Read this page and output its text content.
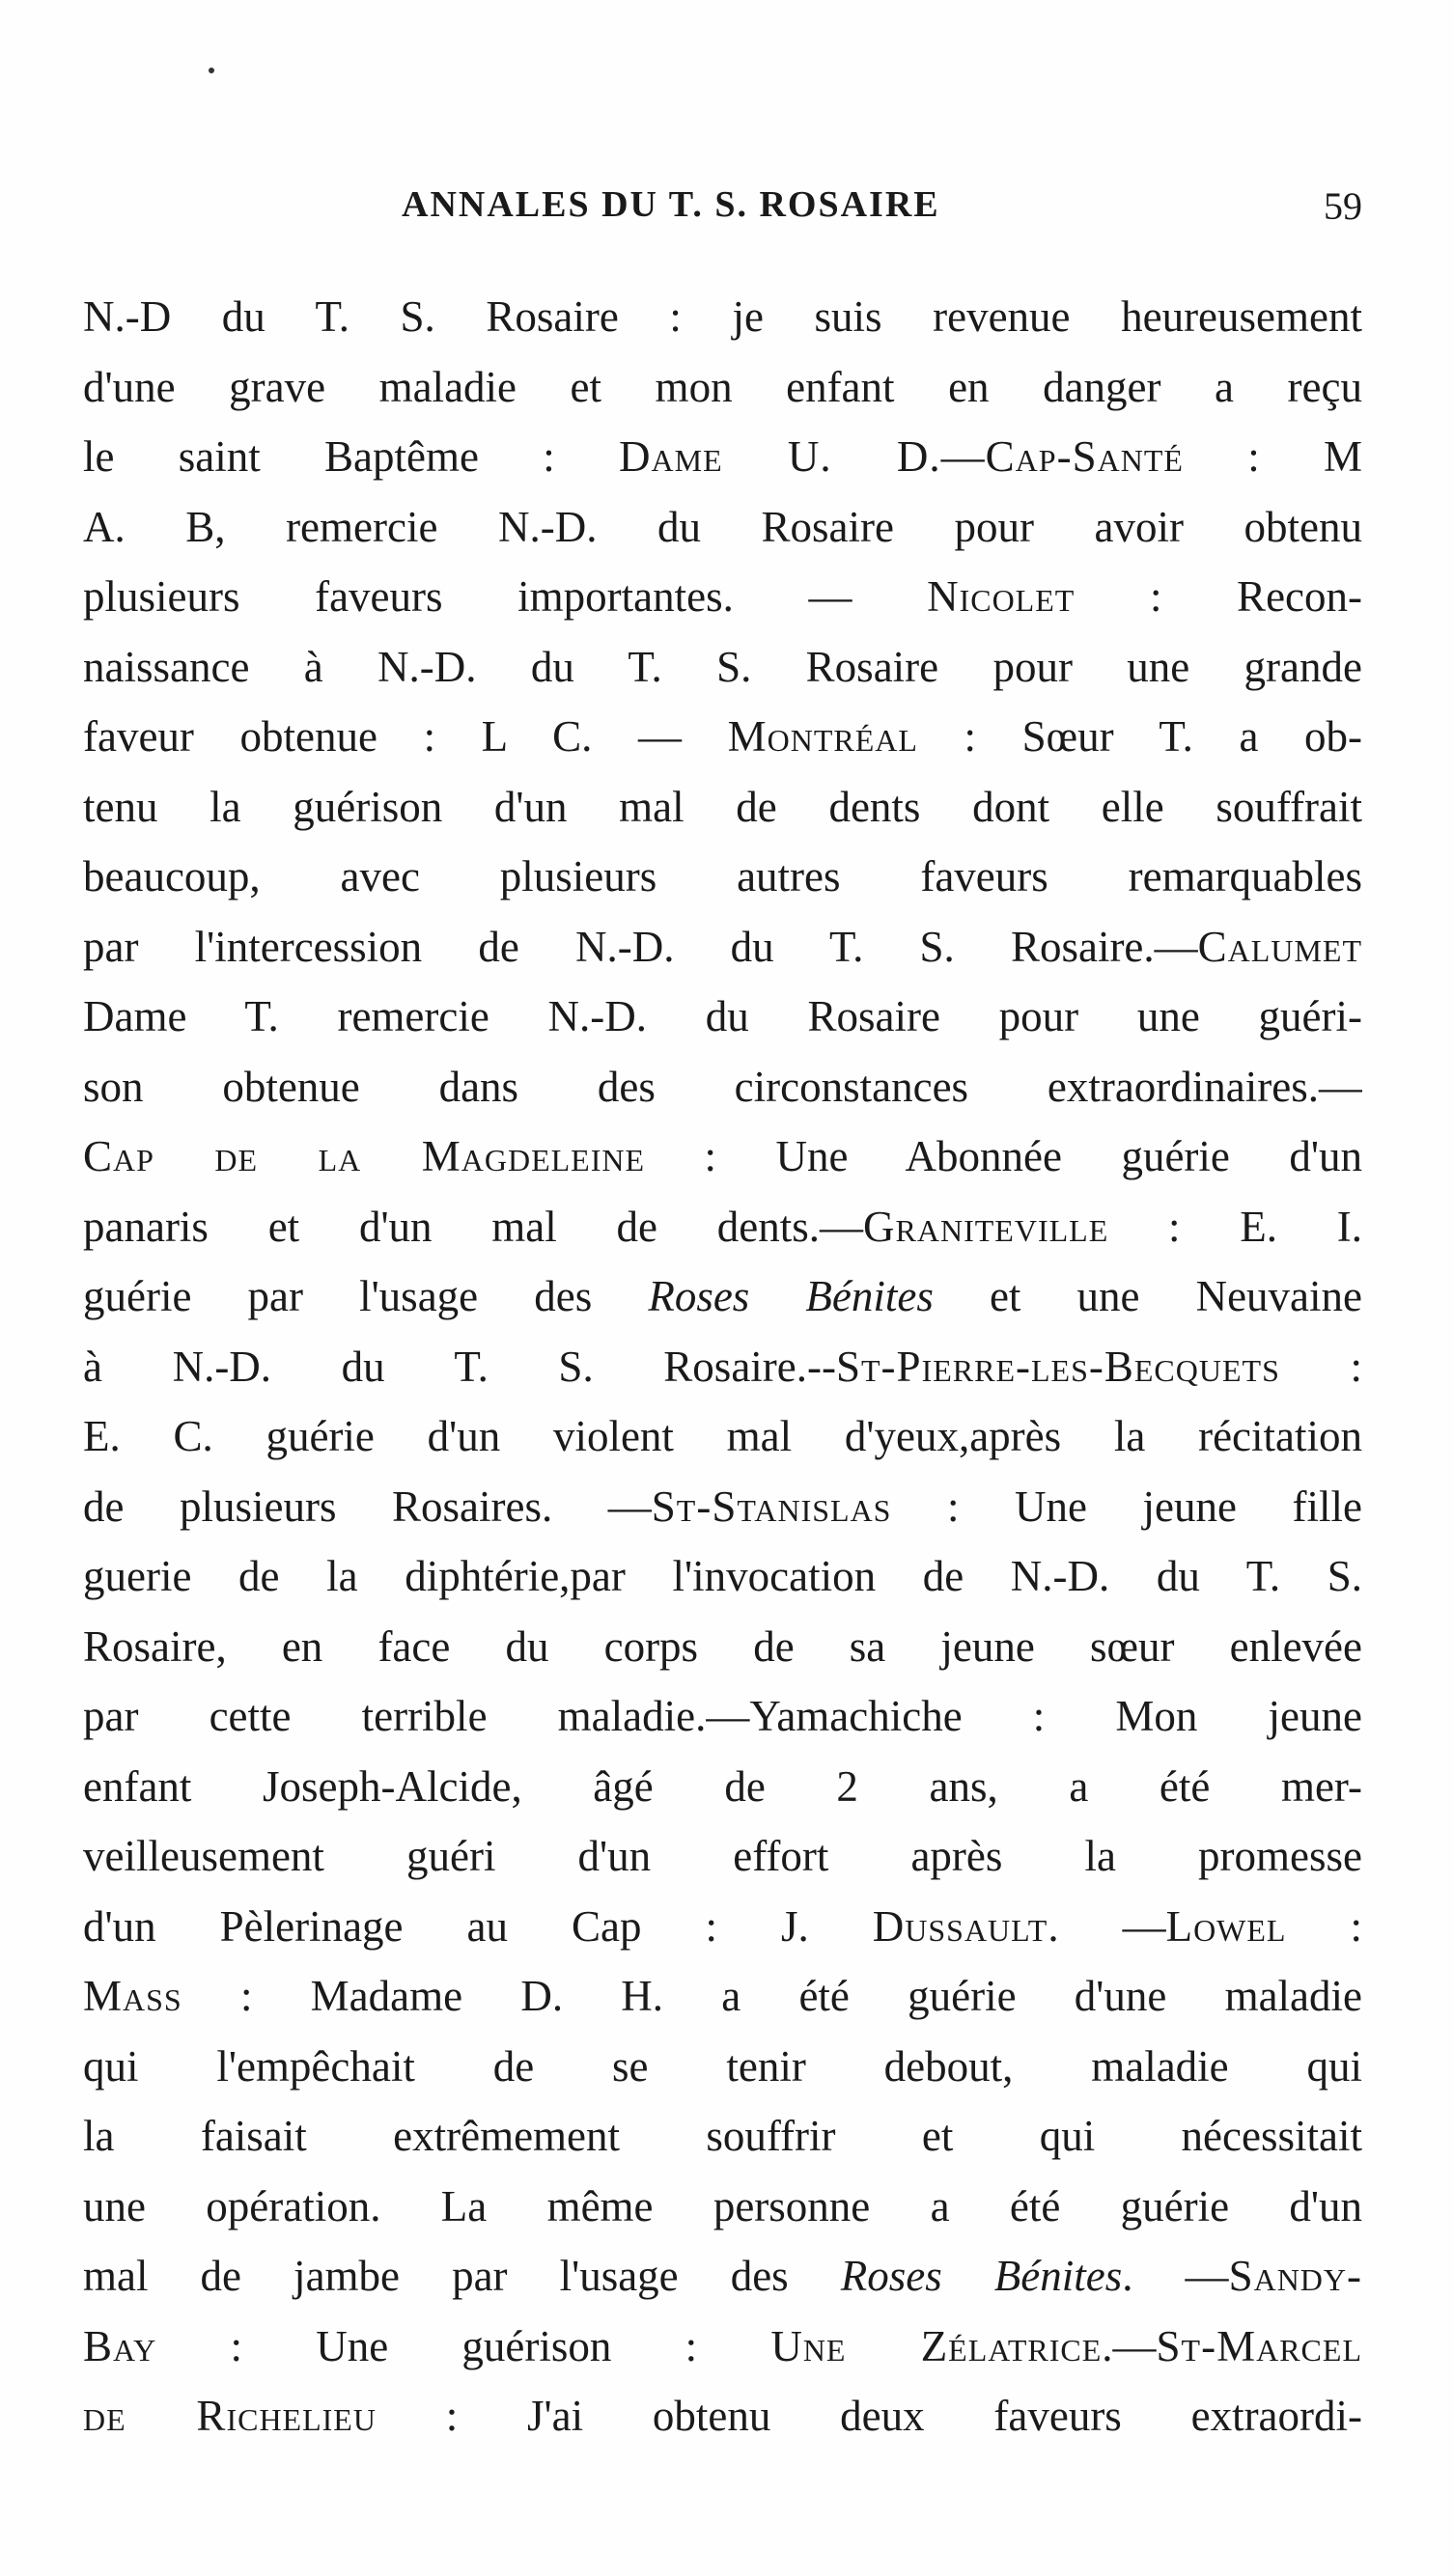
ANNALES DU T. S. ROSAIRE	59
N.-D du T. S. Rosaire : je suis revenue heureusement
d'une grave maladie et mon enfant en danger a reçu
le saint Baptême : Dame U. D.—Cap-Santé : M
A. B, remercie N.-D. du Rosaire pour avoir obtenu
plusieurs faveurs importantes. — Nicolet : Recon-
naissance à N.-D. du T. S. Rosaire pour une grande
faveur obtenue : L C. — Montréal : Sœur T. a ob-
tenu la guérison d'un mal de dents dont elle souffrait
beaucoup, avec plusieurs autres faveurs remarquables
par l'intercession de N.-D. du T. S. Rosaire.—Calumet
Dame T. remercie N.-D. du Rosaire pour une guéri-
son obtenue dans des circonstances extraordinaires.—
Cap de la Magdeleine : Une Abonnée guérie d'un
panaris et d'un mal de dents.—Graniteville : E. I.
guérie par l'usage des Roses Bénites et une Neuvaine
à N.-D. du T. S. Rosaire.--St-Pierre-les-Becquets :
E. C. guérie d'un violent mal d'yeux,après la récitation
de plusieurs Rosaires. —St-Stanislas : Une jeune fille
guerie de la diphtérie,par l'invocation de N.-D. du T. S.
Rosaire, en face du corps de sa jeune sœur enlevée
par cette terrible maladie.—Yamachiche : Mon jeune
enfant Joseph-Alcide, âgé de 2 ans, a été mer-
veilleusement guéri d'un effort après la promesse
d'un Pèlerinage au Cap : J. Dussault. —Lowel :
Mass : Madame D. H. a été guérie d'une maladie
qui l'empêchait de se tenir debout, maladie qui
la faisait extrêmement souffrir et qui nécessitait
une opération. La même personne a été guérie d'un
mal de jambe par l'usage des Roses Bénites. —Sandy-
Bay : Une guérison : Une Zélatrice.—St-Marcel
de Richelieu : J'ai obtenu deux faveurs extraordi-
